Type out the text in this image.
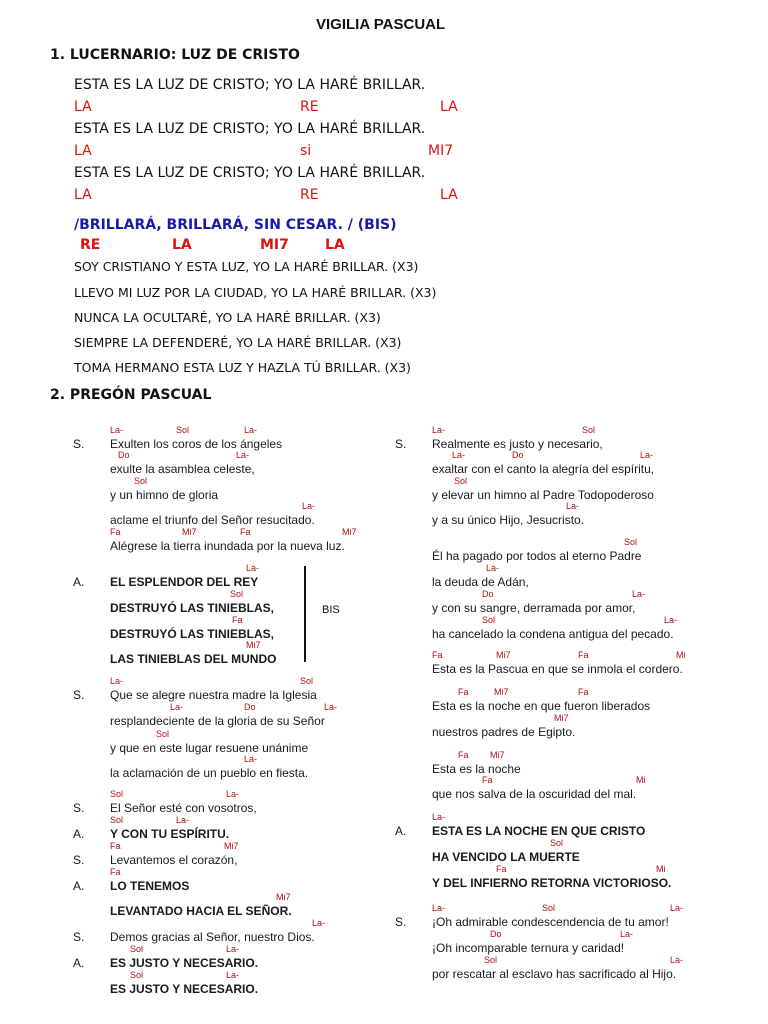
VIGILIA PASCUAL
1. LUCERNARIO: LUZ DE CRISTO
ESTA ES LA LUZ DE CRISTO; YO LA HARÉ BRILLAR.
LA	RE	LA
ESTA ES LA LUZ DE CRISTO; YO LA HARÉ BRILLAR.
LA	si	MI7
ESTA ES LA LUZ DE CRISTO; YO LA HARÉ BRILLAR.
LA	RE	LA
/BRILLARÁ, BRILLARÁ, SIN CESAR. / (BIS)
RE	LA	MI7	LA
SOY CRISTIANO Y ESTA LUZ, YO LA HARÉ BRILLAR. (X3)
LLEVO MI LUZ POR LA CIUDAD, YO LA HARÉ BRILLAR. (X3)
NUNCA LA OCULTARÉ, YO LA HARÉ BRILLAR. (X3)
SIEMPRE LA DEFENDERÉ, YO LA HARÉ BRILLAR. (X3)
TOMA HERMANO ESTA LUZ Y HAZLA TÚ BRILLAR. (X3)
2. PREGÓN PASCUAL
BIS
S.
La-	Sol	La-
Exulten los coros de los ángeles
Do	La-
exulte la asamblea celeste,
Sol
y un himno de gloria
La-
aclame el triunfo del Señor resucitado.
Fa	Mi7	Fa	Mi7
Alégrese la tierra inundada por la nueva luz.
A.
La-
EL ESPLENDOR DEL REY
Sol
DESTRUYÓ LAS TINIEBLAS,
Fa
DESTRUYÓ LAS TINIEBLAS,
Mi7
LAS TINIEBLAS DEL MUNDO
S.
La-	Sol
Que se alegre nuestra madre la Iglesia
La-	Do	La-
resplandeciente de la gloria de su Señor
Sol
y que en este lugar resuene unánime
La-
la aclamación de un pueblo en fiesta.
S.
Sol	La-
El Señor esté con vosotros,
A.
Sol	La-
Y CON TU ESPÍRITU.
S.
Fa	Mi7
Levantemos el corazón,
A.
Fa
LO TENEMOS
Mi7
LEVANTADO HACIA EL SEÑOR.
S.
La-
Demos gracias al Señor, nuestro Dios.
A.
Sol	La-
ES JUSTO Y NECESARIO.
Sol	La-
ES JUSTO Y NECESARIO.
S.
La-	Sol
Realmente es justo y necesario,
La-	Do	La-
exaltar con el canto la alegría del espíritu,
Sol
y elevar un himno al Padre Todopoderoso
La-
y a su único Hijo, Jesucristo.
Sol
Él ha pagado por todos al eterno Padre
La-
la deuda de Adán,
Do	La-
y con su sangre, derramada por amor,
Sol	La-
ha cancelado la condena antigua del pecado.
Fa	Mi7	Fa	Mi
Esta es la Pascua en que se inmola el cordero.
Fa	Mi7	Fa
Esta es la noche en que fueron liberados
Mi7
nuestros padres de Egipto.
Fa Mi7
Esta es la noche
Fa	Mi
que nos salva de la oscuridad del mal.
A.
La-
ESTA ES LA NOCHE EN QUE CRISTO
Sol
HA VENCIDO LA MUERTE
Fa	Mi
Y DEL INFIERNO RETORNA VICTORIOSO.
S.
La-	Sol	La-
¡Oh admirable condescendencia de tu amor!
Do	La-
¡Oh incomparable ternura y caridad!
Sol	La-
por rescatar al esclavo has sacrificado al Hijo.
